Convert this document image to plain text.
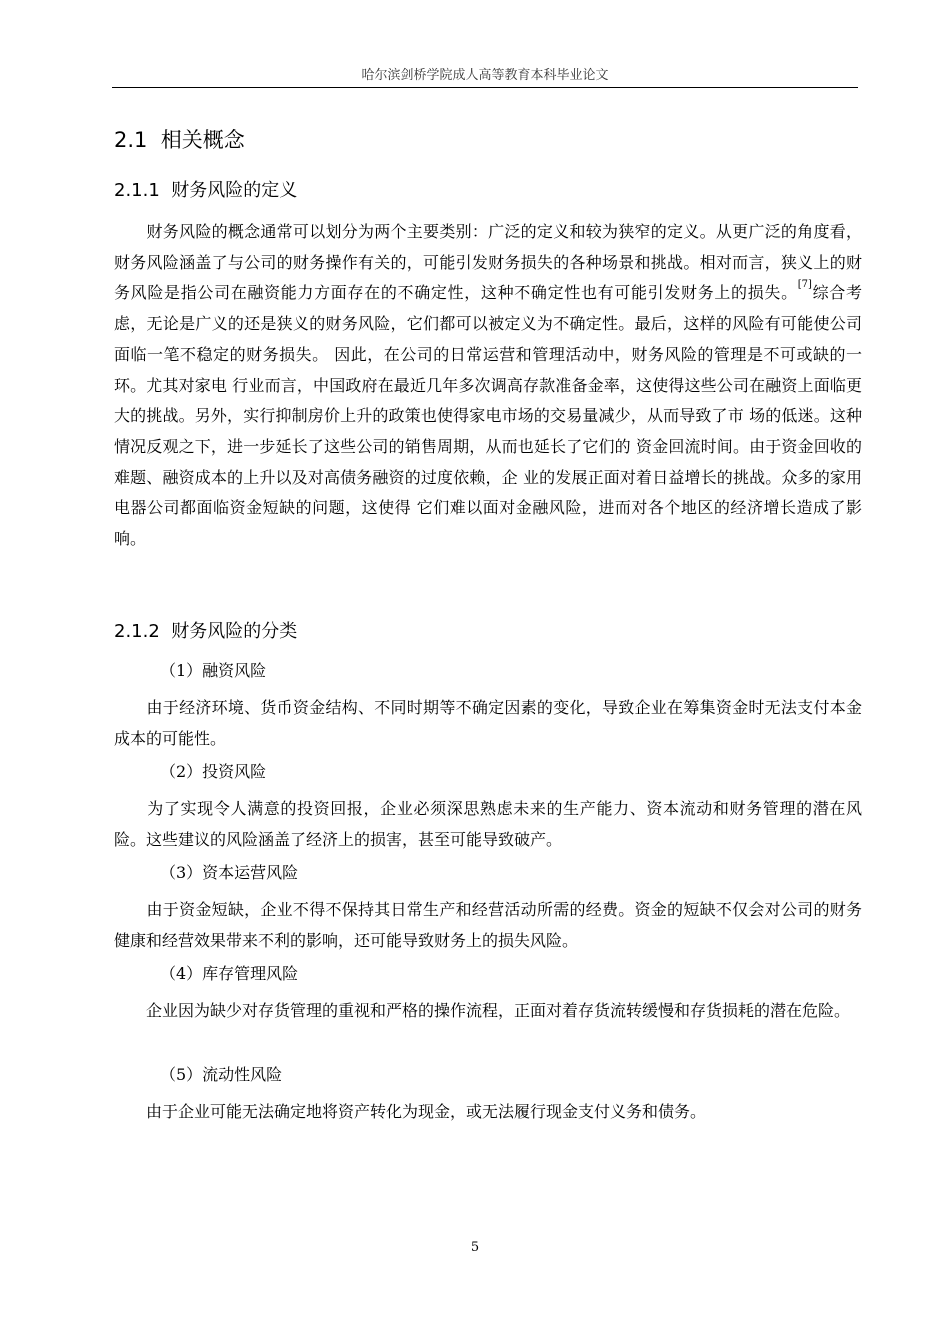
哈尔滨剑桥学院成人高等教育本科毕业论文
2.1 相关概念
2.1.1 财务风险的定义

　　财务风险的概念通常可以划分为两个主要类别：广泛的定义和较为狭窄的定义。从更广泛的角度看，财务风险涵盖了与公司的财务操作有关的，可能引发财务损失的各种场景和挑战。相对而言，狭义上的财务风险是指公司在融资能力方面存在的不确定性，这种不确定性也有可能引发财务上的损失。[7]综合考虑，无论是广义的还是狭义的财务风险，它们都可以被定义为不确定性。最后，这样的风险有可能使公司面临一笔不稳定的财务损失。 因此，在公司的日常运营和管理活动中，财务风险的管理是不可或缺的一环。尤其对家电 行业而言，中国政府在最近几年多次调高存款准备金率，这使得这些公司在融资上面临更 大的挑战。另外，实行抑制房价上升的政策也使得家电市场的交易量减少，从而导致了市 场的低迷。这种情况反观之下，进一步延长了这些公司的销售周期，从而也延长了它们的 资金回流时间。由于资金回收的难题、融资成本的上升以及对高债务融资的过度依赖，企 业的发展正面对着日益增长的挑战。众多的家用电器公司都面临资金短缺的问题，这使得 它们难以面对金融风险，进而对各个地区的经济增长造成了影响。

2.1.2 财务风险的分类
（1）融资风险

　　由于经济环境、货币资金结构、不同时期等不确定因素的变化，导致企业在筹集资金时无法支付本金成本的可能性。

（2）投资风险

　　为了实现令人满意的投资回报，企业必须深思熟虑未来的生产能力、资本流动和财务管理的潜在风险。这些建议的风险涵盖了经济上的损害，甚至可能导致破产。

（3）资本运营风险

　　由于资金短缺，企业不得不保持其日常生产和经营活动所需的经费。资金的短缺不仅会对公司的财务健康和经营效果带来不利的影响，还可能导致财务上的损失风险。

（4）库存管理风险

　　企业因为缺少对存货管理的重视和严格的操作流程，正面对着存货流转缓慢和存货损耗的潜在危险。

（5）流动性风险

　　由于企业可能无法确定地将资产转化为现金，或无法履行现金支付义务和债务。

5
